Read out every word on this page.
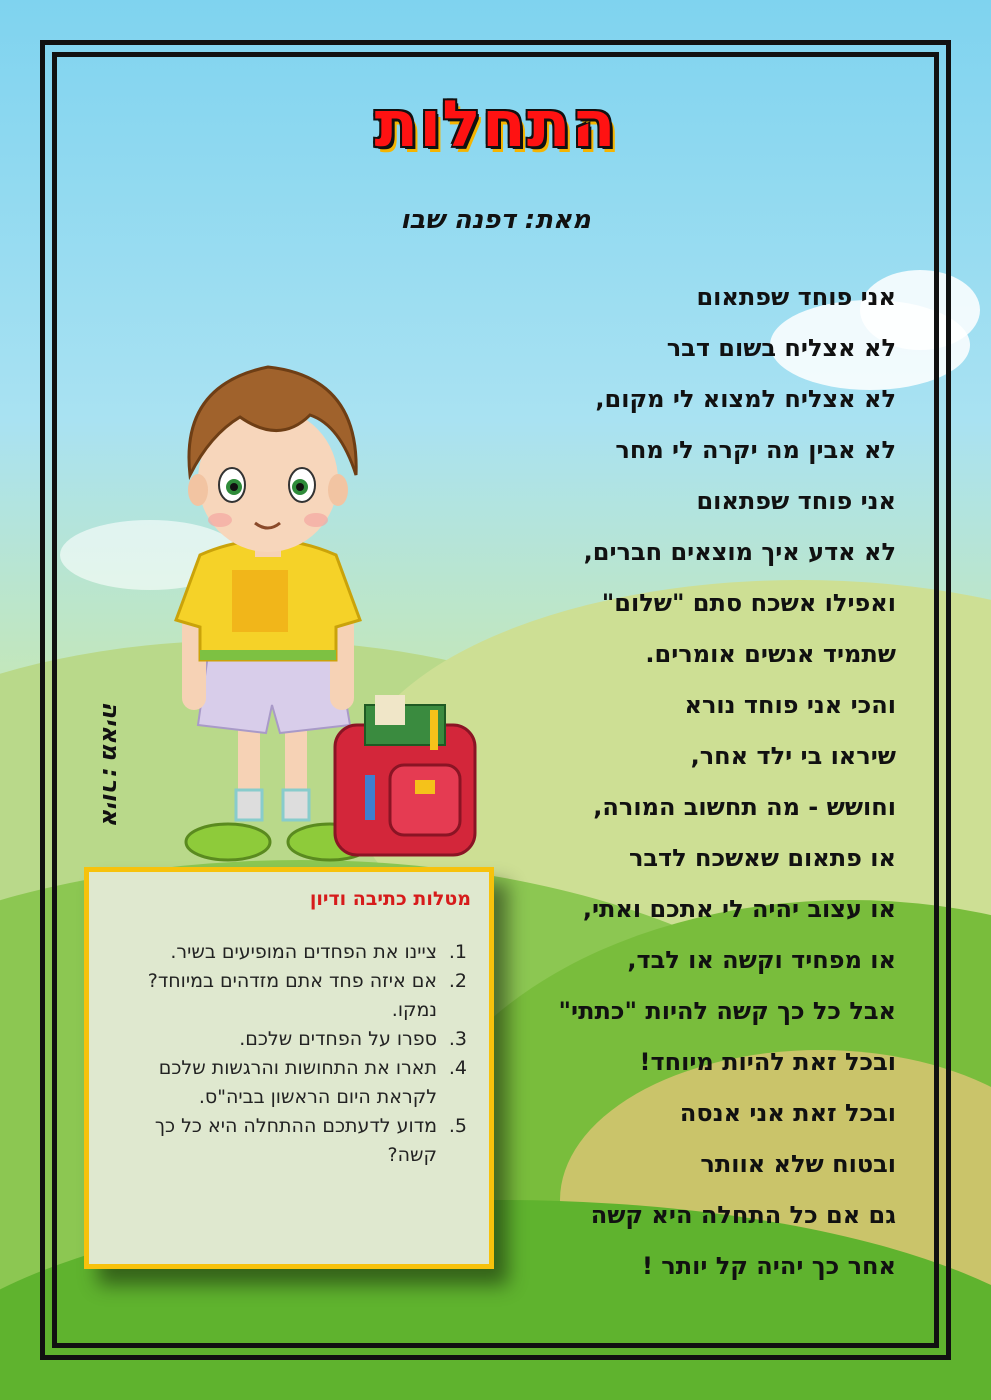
התחלות
מאת: דפנה שבו
אני פוחד שפתאום
לא אצליח בשום דבר
לא אצליח למצוא לי מקום,
לא אבין מה יקרה לי מחר
אני פוחד שפתאום
לא אדע איך מוצאים חברים,
ואפילו אשכח סתם "שלום"
שתמיד אנשים אומרים.
והכי אני פוחד נורא
שיראו בי ילד אחר,
וחושש - מה תחשוב המורה,
או פתאום שאשכח לדבר
או עצוב יהיה לי אתכם ואתי,
או מפחיד וקשה או לבד,
אבל כל כך קשה להיות "כתתי"
ובכל זאת להיות מיוחד!
ובכל זאת אני אנסה
ובטוח שלא אוותר
גם אם כל התחלה היא קשה
אחר כך יהיה קל יותר !
איור: מאיה
מטלות כתיבה ודיון
1.
ציינו את הפחדים המופיעים בשיר.
2.
אם איזה פחד אתם מזדהים במיוחד? נמקו.
3.
ספרו על הפחדים שלכם.
4.
תארו את התחושות והרגשות שלכם לקראת היום הראשון בביה"ס.
5.
מדוע לדעתכם ההתחלה היא כל כך קשה?
